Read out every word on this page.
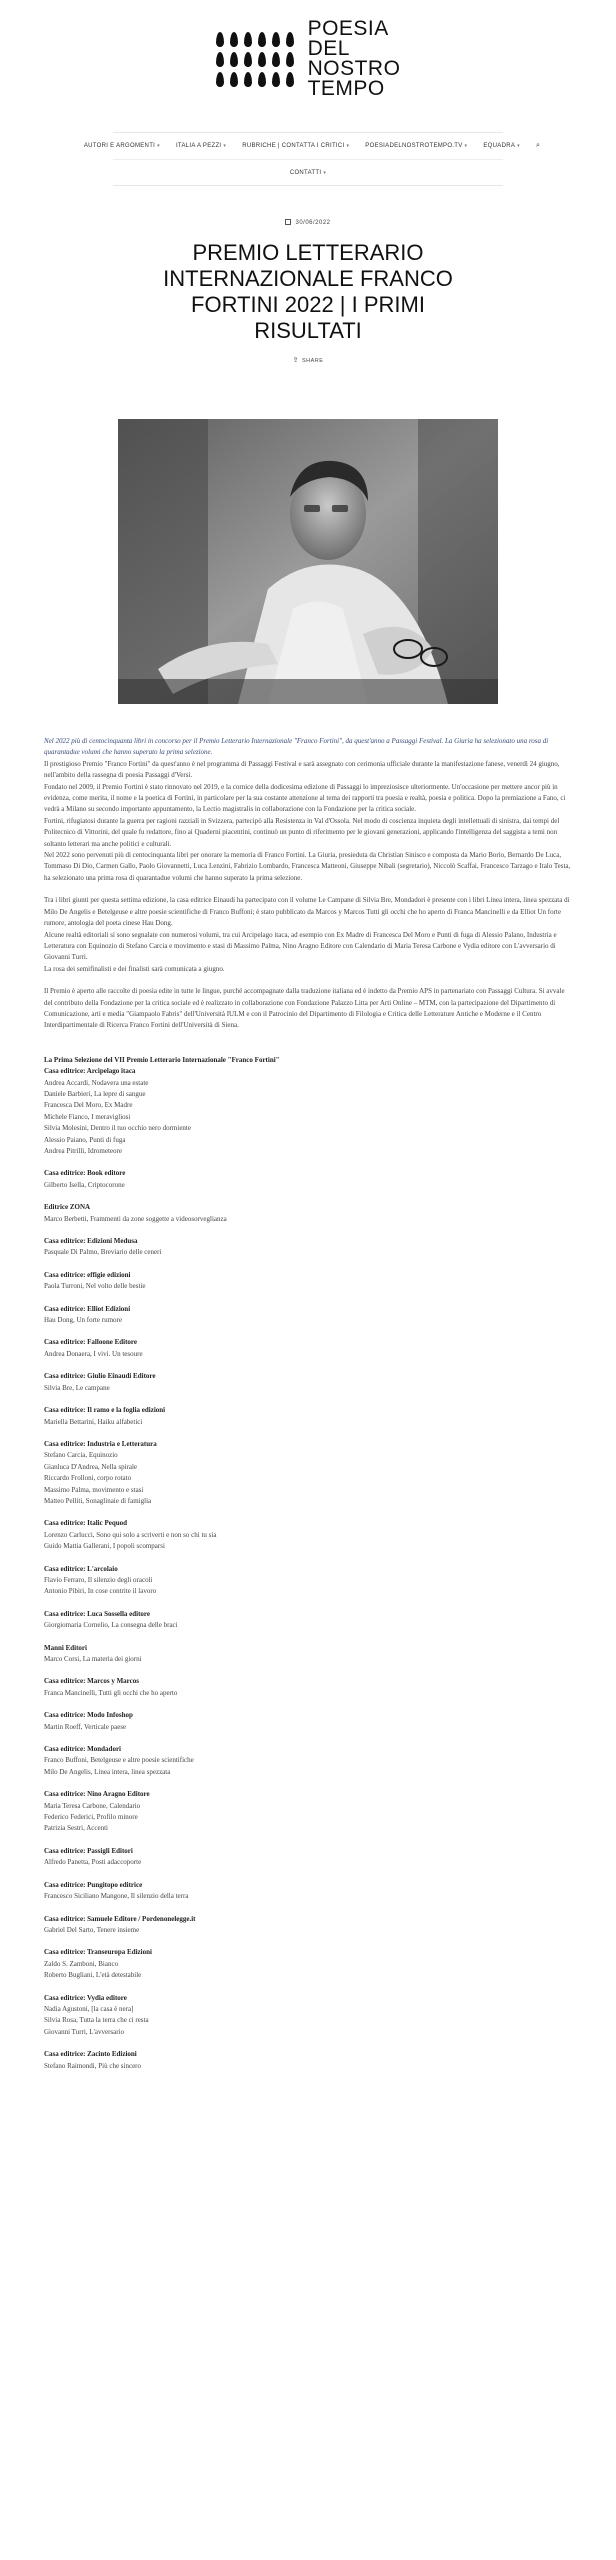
POESIA
DEL
NOSTRO
TEMPO
AUTORI E ARGOMENTI ▾	ITALIA A PEZZI ▾	RUBRICHE | CONTATTA I CRITICI ▾	POESIADELNOSTROTEMPO.TV ▾	EQUADRA ▾ ⌕
CONTATTI ▾
30/06/2022
PREMIO LETTERARIO INTERNAZIONALE FRANCO FORTINI 2022 | I PRIMI RISULTATI
⇪ SHARE

Nel 2022 più di centocinquanta libri in concorso per il Premio Letterario Internazionale "Franco Fortini", da quest'anno a Passaggi Festival. La Giuria ha selezionato una rosa di quarantadue volumi che hanno superato la prima selezione.

Il prestigioso Premio "Franco Fortini" da quest'anno è nel programma di Passaggi Festival e sarà assegnato con cerimonia ufficiale durante la manifestazione fanese, venerdì 24 giugno, nell'ambito della rassegna di poesia Passaggi d'Versi.

Fondato nel 2009, il Premio Fortini è stato rinnovato nel 2019, e la cornice della dodicesima edizione di Passaggi lo impreziosisce ulteriormente. Un'occasione per mettere ancor più in evidenza, come merita, il nome e la poetica di Fortini, in particolare per la sua costante attenzione al tema dei rapporti tra poesia e realtà, poesia e politica. Dopo la premiazione a Fano, ci vedrà a Milano su secondo importante appuntamento, la Lectio magistralis in collaborazione con la Fondazione per la critica sociale.

Fortini, rifugiatosi durante la guerra per ragioni razziali in Svizzera, partecipò alla Resistenza in Val d'Ossola. Nel modo di coscienza inquieta degli intellettuali di sinistra, dai tempi del Politecnico di Vittorini, del quale fu redattore, fino ai Quaderni piacentini, continuò un punto di riferimento per le giovani generazioni, applicando l'intelligenza del saggista a temi non soltanto letterari ma anche politici e culturali.

Nel 2022 sono pervenuti più di centocinquanta libri per onorare la memoria di Franco Fortini. La Giuria, presieduta da Christian Sinisco e composta da Mario Borio, Bernardo De Luca, Tommaso Di Dio, Carmen Gallo, Paolo Giovannetti, Luca Lenzini, Fabrizio Lombardo, Francesca Matteoni, Giuseppe Nibali (segretario), Niccolò Scaffai, Francesco Tarzago e Italo Testa, ha selezionato una prima rosa di quarantadue volumi che hanno superato la prima selezione.

Tra i libri giunti per questa settima edizione, la casa editrice Einaudi ha partecipato con il volume Le Campane di Silvia Bre, Mondadori è presente con i libri Linea intera, linea spezzata di Milo De Angelis e Betelgeuse e altre poesie scientifiche di Franco Buffoni; è stato pubblicato da Marcos y Marcos Tutti gli occhi che ho aperto di Franca Mancinelli e da Elliot Un forte rumore, antologia del poeta cinese Hau Dong.

Alcune realtà editoriali si sono segnalate con numerosi volumi, tra cui Arcipelago itaca, ad esempio con Ex Madre di Francesca Del Moro e Punti di fuga di Alessio Palano, Industria e Letteratura con Equinozio di Stefano Carcia e movimento e stasi di Massimo Palma, Nino Aragno Editore con Calendario di Maria Teresa Carbone e Vydia editore con L'avversario di Giovanni Turri.

La rosa dei semifinalisti e dei finalisti sarà comunicata a giugno.

Il Premio è aperto alle raccolte di poesia edite in tutte le lingue, purché accompagnate dalla traduzione italiana ed è indetto da Premio APS in partenariato con Passaggi Cultura. Si avvale del contributo della Fondazione per la critica sociale ed è realizzato in collaborazione con Fondazione Palazzo Litta per Arti Online – MTM, con la partecipazione del Dipartimento di Comunicazione, arti e media "Giampaolo Fabris" dell'Università IULM e con il Patrocinio del Dipartimento di Filologia e Critica delle Letterature Antiche e Moderne e il Centro Interdipartimentale di Ricerca Franco Fortini dell'Università di Siena.

La Prima Selezione del VII Premio Letterario Internazionale "Franco Fortini"

Casa editrice: Arcipelago itaca

Andrea Accardi, Nodavera una estate

Daniele Barbieri, La lepre di sangue

Francesca Del Moro, Ex Madre

Michele Fianco, I meravigliosi

Silvia Molesini, Dentro il tuo occhio nero dormiente

Alessio Paiano, Punti di fuga

Andrea Pitrilli, Idrometeore

Casa editrice: Book editore

Gilberto Isella, Criptocorone

Editrice ZONA

Marco Berbetti, Frammenti da zone soggette a videosorveglianza

Casa editrice: Edizioni Medusa

Pasquale Di Palmo, Breviario delle ceneri

Casa editrice: effigie edizioni

Paola Turroni, Nel volto delle bestie

Casa editrice: Elliot Edizioni

Hau Dong, Un forte rumore

Casa editrice: Falloone Editore

Andrea Donaera, I vivi. Un tesoure

Casa editrice: Giulio Einaudi Editore

Silvia Bre, Le campane

Casa editrice: Il ramo e la foglia edizioni

Mariella Bettarini, Haiku alfabetici

Casa editrice: Industria e Letteratura

Stefano Carcia, Equinozio

Gianluca D'Andrea, Nella spirale

Riccardo Frolloni, corpo rotato

Massimo Palma, movimento e stasi

Matteo Pelliti, Sonaglinaie di famiglia

Casa editrice: Italic Pequod

Lorenzo Carlucci, Sono qui solo a scriverti e non so chi tu sia

Guido Mattia Gallerani, I popoli scomparsi

Casa editrice: L'arcolaio

Flavio Ferraro, Il silenzio degli oracoli

Antonio Pibiri, In cose contrite il lavoro

Casa editrice: Luca Sossella editore

Giorgiomaria Cornelio, La consegna delle braci

Manni Editori

Marco Corsi, La materia dei giorni

Casa editrice: Marcos y Marcos

Franca Mancinelli, Tutti gli occhi che ho aperto

Casa editrice: Modo Infoshop

Martin Roeff, Verticale paese

Casa editrice: Mondadori

Franco Buffoni, Betelgeuse e altre poesie scientifiche

Milo De Angelis, Linea intera, linea spezzata

Casa editrice: Nino Aragno Editore

Maria Teresa Carbone, Calendario

Federico Federici, Profilo minore

Patrizia Sestri, Accenti

Casa editrice: Passigli Editori

Alfredo Panetta, Posti adaccoporte

Casa editrice: Pungitopo editrice

Francesco Siciliano Mangone, Il silenzio della terra

Casa editrice: Samuele Editore / Pordenonelegge.it

Gabriel Del Sarto, Tenere insieme

Casa editrice: Transeuropa Edizioni

Zaldo S. Zamboni, Bianco

Roberto Bugliani, L'età detestabile

Casa editrice: Vydia editore

Nadia Agustoni, [la casa è nera]

Silvia Rosa, Tutta la terra che ci resta

Giovanni Turri, L'avversario

Casa editrice: Zacinto Edizioni

Stefano Raimondi, Più che sincero
